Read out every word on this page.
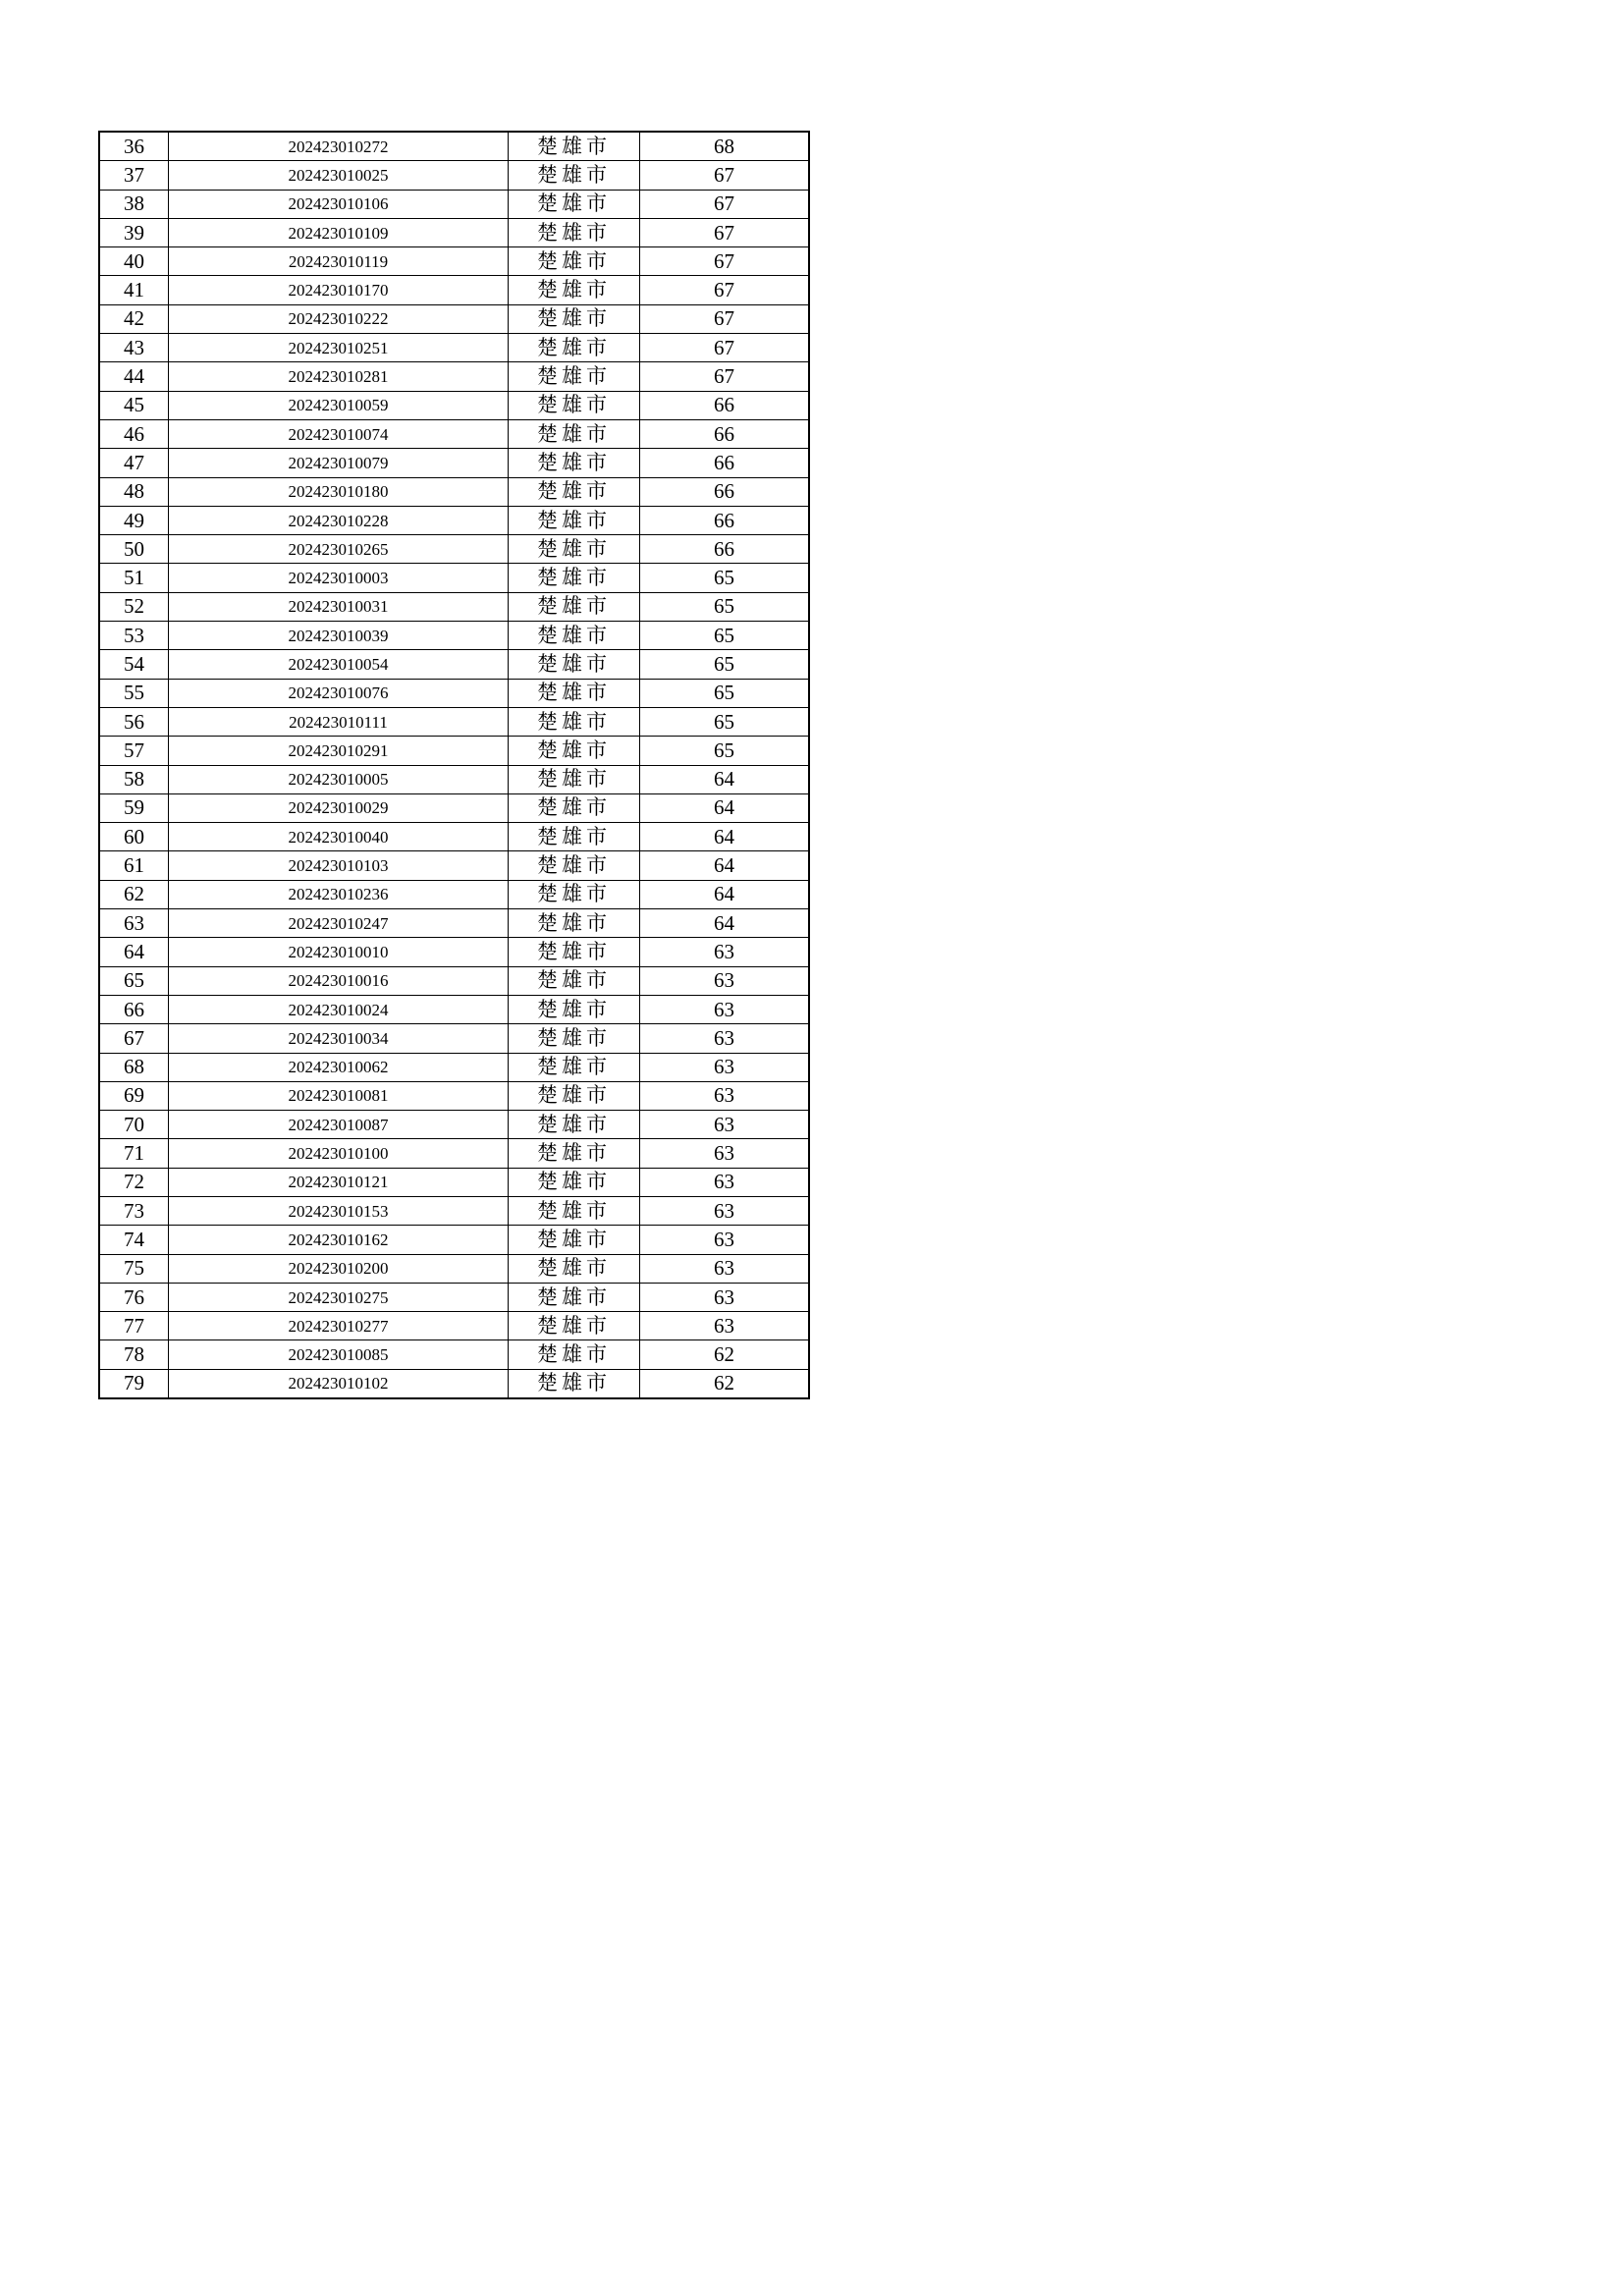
36	202423010272	楚雄市	68
37	202423010025	楚雄市	67
38	202423010106	楚雄市	67
39	202423010109	楚雄市	67
40	202423010119	楚雄市	67
41	202423010170	楚雄市	67
42	202423010222	楚雄市	67
43	202423010251	楚雄市	67
44	202423010281	楚雄市	67
45	202423010059	楚雄市	66
46	202423010074	楚雄市	66
47	202423010079	楚雄市	66
48	202423010180	楚雄市	66
49	202423010228	楚雄市	66
50	202423010265	楚雄市	66
51	202423010003	楚雄市	65
52	202423010031	楚雄市	65
53	202423010039	楚雄市	65
54	202423010054	楚雄市	65
55	202423010076	楚雄市	65
56	202423010111	楚雄市	65
57	202423010291	楚雄市	65
58	202423010005	楚雄市	64
59	202423010029	楚雄市	64
60	202423010040	楚雄市	64
61	202423010103	楚雄市	64
62	202423010236	楚雄市	64
63	202423010247	楚雄市	64
64	202423010010	楚雄市	63
65	202423010016	楚雄市	63
66	202423010024	楚雄市	63
67	202423010034	楚雄市	63
68	202423010062	楚雄市	63
69	202423010081	楚雄市	63
70	202423010087	楚雄市	63
71	202423010100	楚雄市	63
72	202423010121	楚雄市	63
73	202423010153	楚雄市	63
74	202423010162	楚雄市	63
75	202423010200	楚雄市	63
76	202423010275	楚雄市	63
77	202423010277	楚雄市	63
78	202423010085	楚雄市	62
79	202423010102	楚雄市	62
